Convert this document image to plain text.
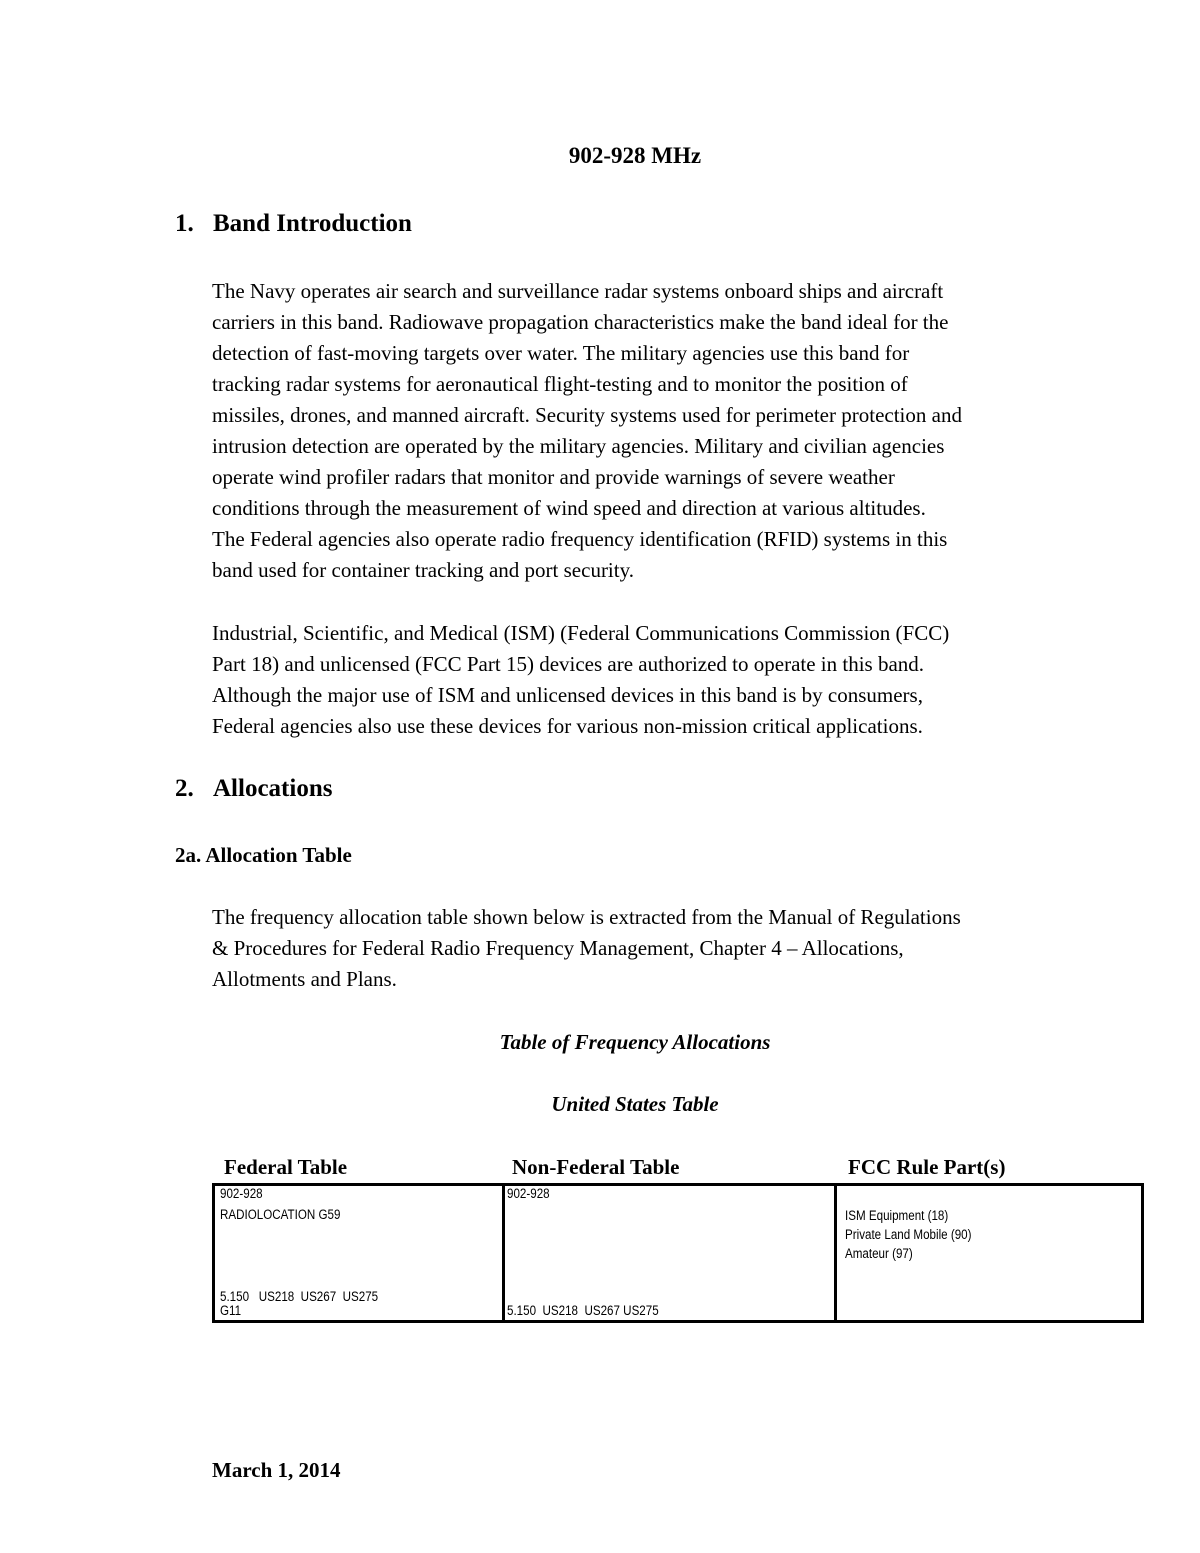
902-928 MHz
1. Band Introduction
The Navy operates air search and surveillance radar systems onboard ships and aircraft
carriers in this band. Radiowave propagation characteristics make the band ideal for the
detection of fast-moving targets over water. The military agencies use this band for
tracking radar systems for aeronautical flight-testing and to monitor the position of
missiles, drones, and manned aircraft. Security systems used for perimeter protection and
intrusion detection are operated by the military agencies. Military and civilian agencies
operate wind profiler radars that monitor and provide warnings of severe weather
conditions through the measurement of wind speed and direction at various altitudes.
The Federal agencies also operate radio frequency identification (RFID) systems in this
band used for container tracking and port security.
Industrial, Scientific, and Medical (ISM) (Federal Communications Commission (FCC)
Part 18) and unlicensed (FCC Part 15) devices are authorized to operate in this band.
Although the major use of ISM and unlicensed devices in this band is by consumers,
Federal agencies also use these devices for various non-mission critical applications.
2. Allocations
2a. Allocation Table
The frequency allocation table shown below is extracted from the Manual of Regulations
& Procedures for Federal Radio Frequency Management, Chapter 4 – Allocations,
Allotments and Plans.
Table of Frequency Allocations
United States Table
Federal Table	Non-Federal Table	FCC Rule Part(s)
902-928
RADIOLOCATION G59
5.150   US218  US267  US275
G11
902-928
5.150  US218  US267 US275
ISM Equipment (18)
Private Land Mobile (90)
Amateur (97)
March 1, 2014
